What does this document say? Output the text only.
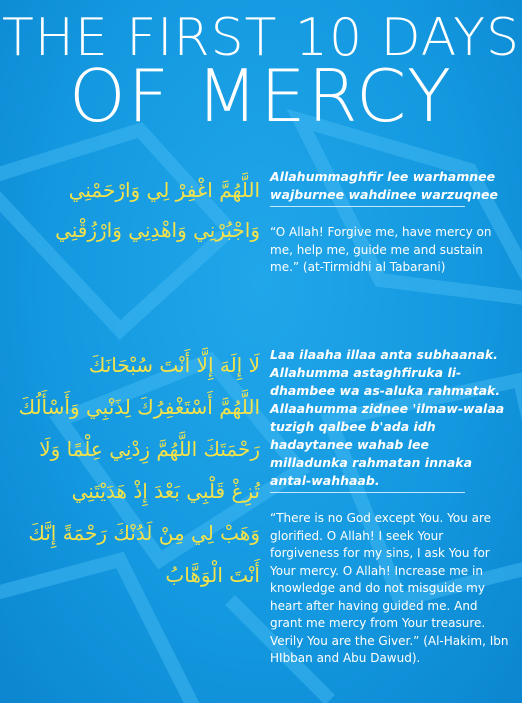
THE FIRST 10 DAYS
OF MERCY
اللَّهُمَّ اغْفِرْ لِي وَارْحَمْنِي
وَاجْبُرْنِي وَاهْدِنِي وَارْزُقْنِي
Allahummaghfir lee warhamnee wajburnee wahdinee warzuqnee
“O Allah! Forgive me, have mercy on me, help me, guide me and sustain me.” (at-Tirmidhi al Tabarani)
لَا إِلَهَ إِلَّا أَنْتَ سُبْحَانَكَ
اللَّهُمَّ أَسْتَغْفِرُكَ لِذَنْبِي وَأَسْأَلُكَ
رَحْمَتَكَ اللَّهُمَّ زِدْنِي عِلْمًا وَلَا
تُزِغْ قَلْبِي بَعْدَ إِذْ هَدَيْتَنِي
وَهَبْ لِي مِنْ لَدُنْكَ رَحْمَةً إِنَّكَ
أَنْتَ الْوَهَّابُ
Laa ilaaha illaa anta subhaanak. Allahumma astaghfiruka li-dhambee wa as-aluka rahmatak. Allaahumma zidnee 'ilmaw-walaa tuzigh qalbee b'ada idh hadaytanee wahab lee milladunka rahmatan innaka antal-wahhaab.
“There is no God except You. You are glorified. O Allah! I seek Your forgiveness for my sins, I ask You for Your mercy. O Allah! Increase me in knowledge and do not misguide my heart after having guided me. And grant me mercy from Your treasure. Verily You are the Giver.” (Al-Hakim, Ibn HIbban and Abu Dawud).
